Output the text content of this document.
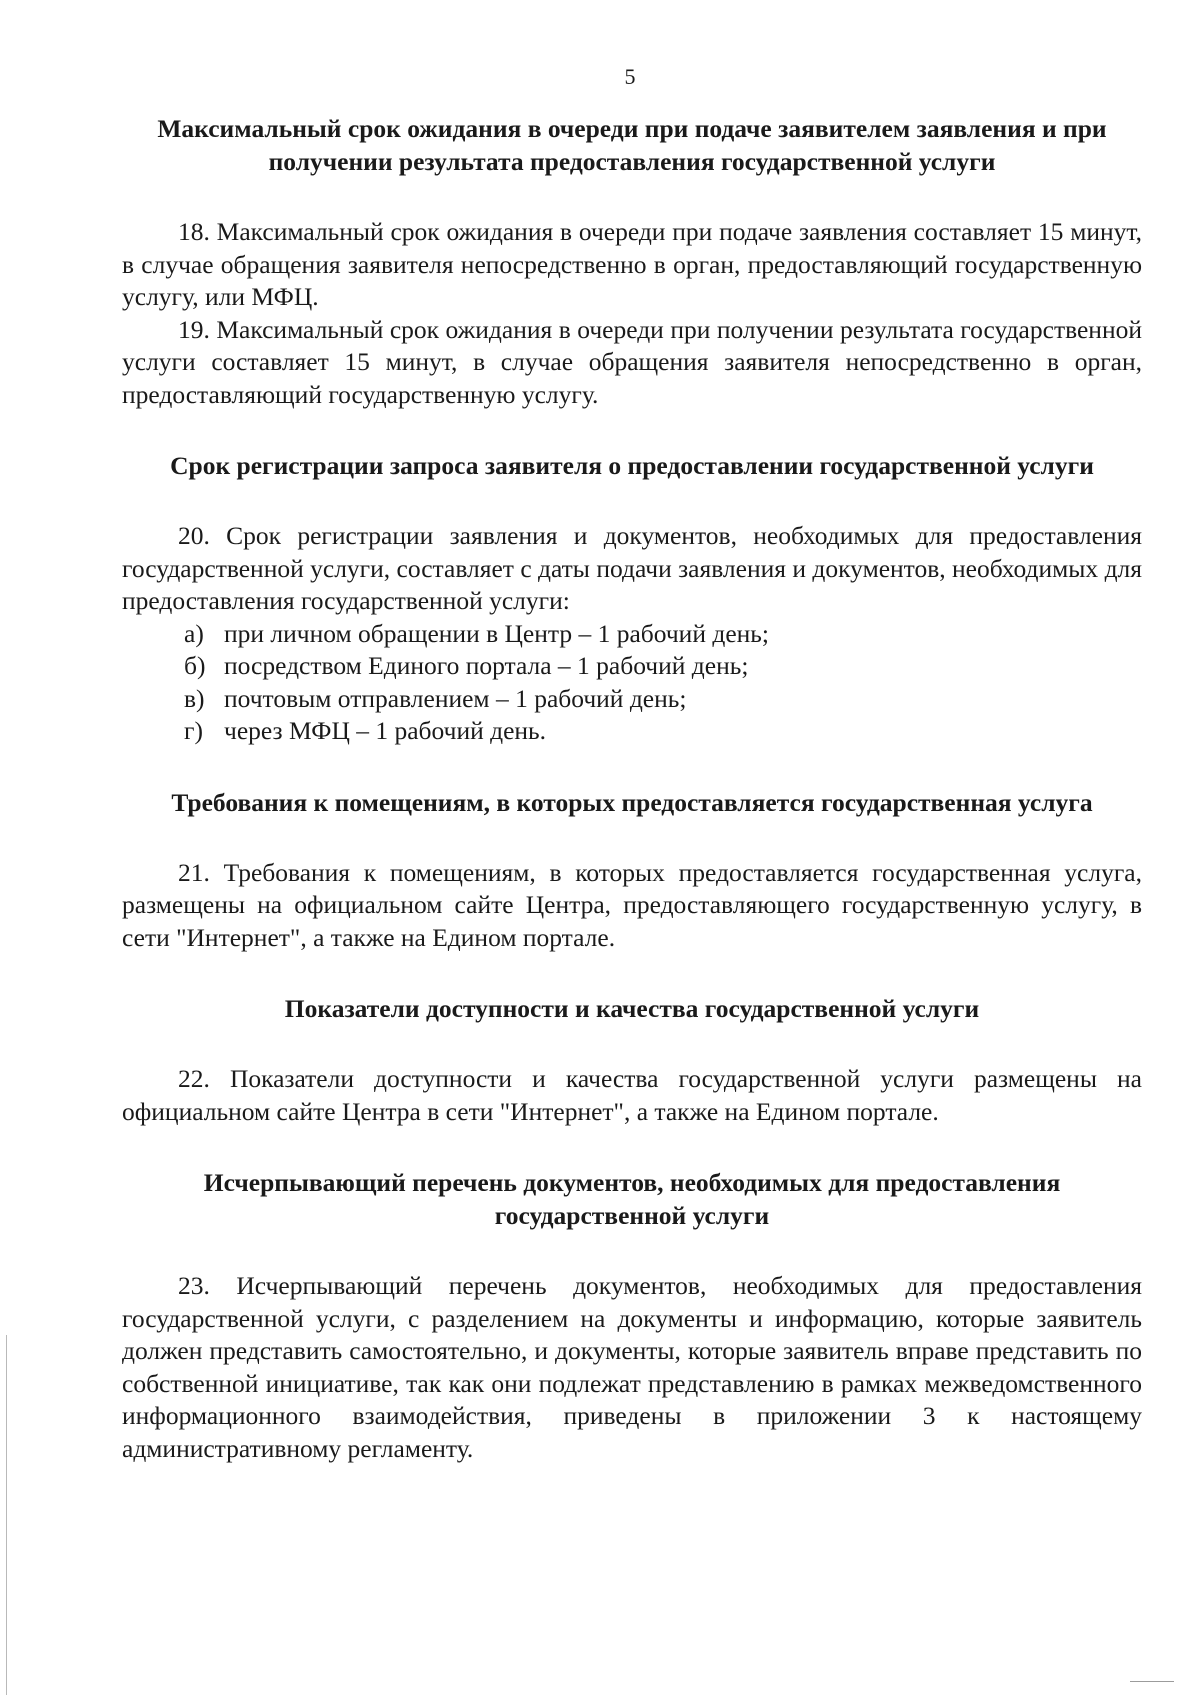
5
Максимальный срок ожидания в очереди при подаче заявителем заявления и при получении результата предоставления государственной услуги

18. Максимальный срок ожидания в очереди при подаче заявления составляет 15 минут, в случае обращения заявителя непосредственно в орган, предоставляющий государственную услугу, или МФЦ.

19. Максимальный срок ожидания в очереди при получении результата государственной услуги составляет 15 минут, в случае обращения заявителя непосредственно в орган, предоставляющий государственную услугу.

Срок регистрации запроса заявителя о предоставлении государственной услуги

20. Срок регистрации заявления и документов, необходимых для предоставления государственной услуги, составляет с даты подачи заявления и документов, необходимых для предоставления государственной услуги:

а) при личном обращении в Центр – 1 рабочий день;

б) посредством Единого портала – 1 рабочий день;

в) почтовым отправлением – 1 рабочий день;

г) через МФЦ – 1 рабочий день.

Требования к помещениям, в которых предоставляется государственная услуга

21. Требования к помещениям, в которых предоставляется государственная услуга, размещены на официальном сайте Центра, предоставляющего государственную услугу, в сети "Интернет", а также на Едином портале.

Показатели доступности и качества государственной услуги

22. Показатели доступности и качества государственной услуги размещены на официальном сайте Центра в сети "Интернет", а также на Едином портале.

Исчерпывающий перечень документов, необходимых для предоставления государственной услуги

23. Исчерпывающий перечень документов, необходимых для предоставления государственной услуги, с разделением на документы и информацию, которые заявитель должен представить самостоятельно, и документы, которые заявитель вправе представить по собственной инициативе, так как они подлежат представлению в рамках межведомственного информационного взаимодействия, приведены в приложении 3 к настоящему административному регламенту.
